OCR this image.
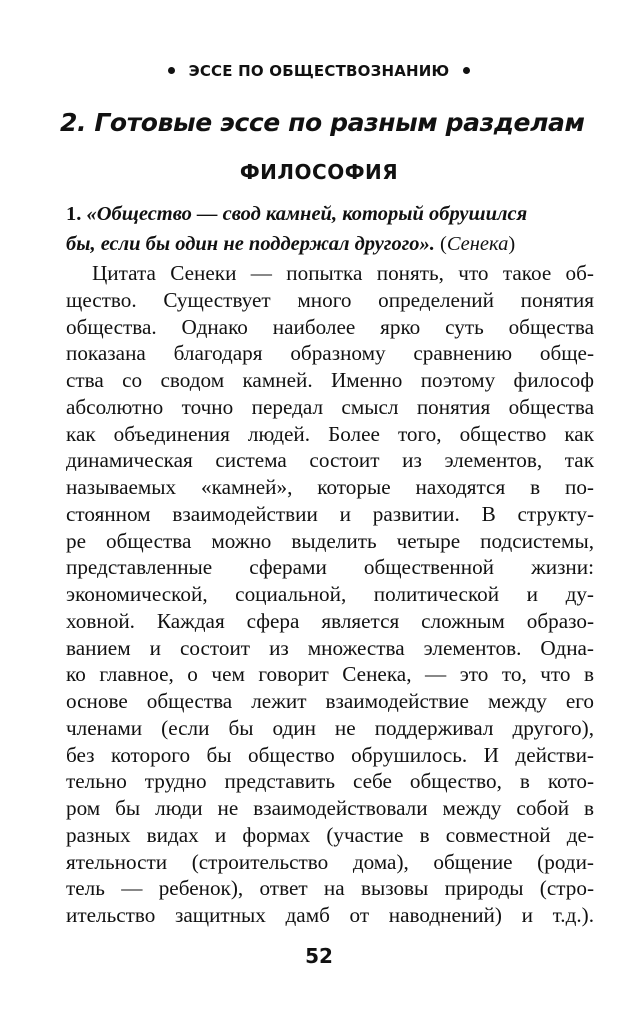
ЭССЕ ПО ОБЩЕСТВОЗНАНИЮ
2. Готовые эссе по разным разделам
ФИЛОСОФИЯ
1. «Общество — свод камней, который обрушился
бы, если бы один не поддержал другого». (Сенека)
Цитата Сенеки — попытка понять, что такое об-
щество. Существует много определений понятия
общества. Однако наиболее ярко суть общества
показана благодаря образному сравнению обще-
ства со сводом камней. Именно поэтому философ
абсолютно точно передал смысл понятия общества
как объединения людей. Более того, общество как
динамическая система состоит из элементов, так
называемых «камней», которые находятся в по-
стоянном взаимодействии и развитии. В структу-
ре общества можно выделить четыре подсистемы,
представленные сферами общественной жизни:
экономической, социальной, политической и ду-
ховной. Каждая сфера является сложным образо-
ванием и состоит из множества элементов. Одна-
ко главное, о чем говорит Сенека, — это то, что в
основе общества лежит взаимодействие между его
членами (если бы один не поддерживал другого),
без которого бы общество обрушилось. И действи-
тельно трудно представить себе общество, в кото-
ром бы люди не взаимодействовали между собой в
разных видах и формах (участие в совместной де-
ятельности (строительство дома), общение (роди-
тель — ребенок), ответ на вызовы природы (стро-
ительство защитных дамб от наводнений) и т.д.).
52
